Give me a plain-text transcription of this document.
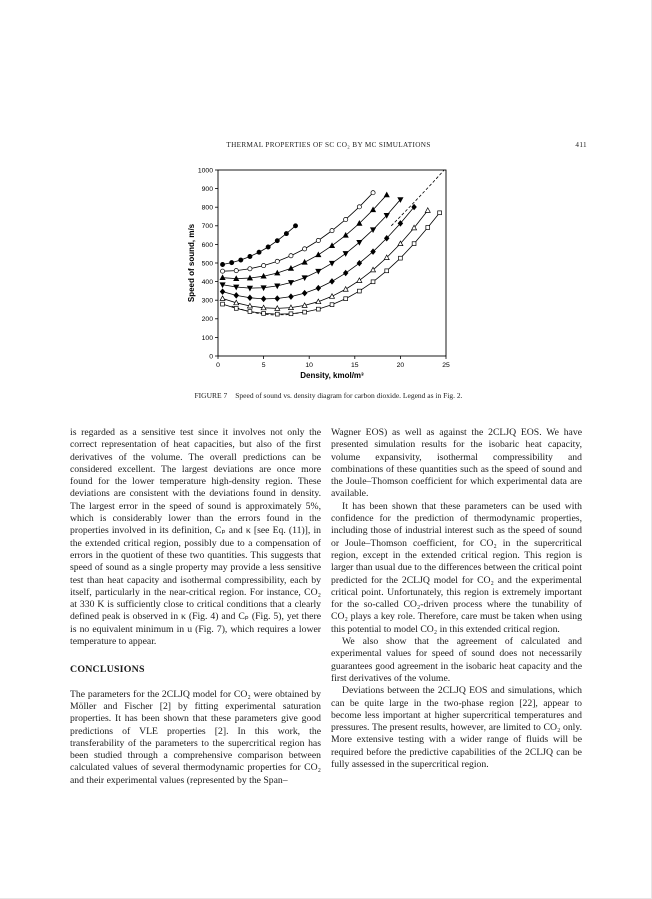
THERMAL PROPERTIES OF SC CO₂ BY MC SIMULATIONS	411
0
100
200
300
400
500
600
700
800
900
1000
0	5	10	15	20	25
Density, kmol/m³
Speed of sound, m/s
FIGURE 7 Speed of sound vs. density diagram for carbon dioxide. Legend as in Fig. 2.

is regarded as a sensitive test since it involves not only the correct representation of heat capacities, but also of the first derivatives of the volume. The overall predictions can be considered excellent. The largest deviations are once more found for the lower temperature high-density region. These deviations are consistent with the deviations found in density. The largest error in the speed of sound is approximately 5%, which is considerably lower than the errors found in the properties involved in its definition, Cₚ and κ [see Eq. (11)], in the extended critical region, possibly due to a compensation of errors in the quotient of these two quantities. This suggests that speed of sound as a single property may provide a less sensitive test than heat capacity and isothermal compressibility, each by itself, particularly in the near-critical region. For instance, CO₂ at 330 K is sufficiently close to critical conditions that a clearly defined peak is observed in κ (Fig. 4) and Cₚ (Fig. 5), yet there is no equivalent minimum in u (Fig. 7), which requires a lower temperature to appear.

CONCLUSIONS

The parameters for the 2CLJQ model for CO₂ were obtained by Möller and Fischer [2] by fitting experimental saturation properties. It has been shown that these parameters give good predictions of VLE properties [2]. In this work, the transferability of the parameters to the supercritical region has been studied through a comprehensive comparison between calculated values of several thermodynamic properties for CO₂ and their experimental values (represented by the Span–

Wagner EOS) as well as against the 2CLJQ EOS. We have presented simulation results for the isobaric heat capacity, volume expansivity, isothermal compressibility and combinations of these quantities such as the speed of sound and the Joule–Thomson coefficient for which experimental data are available.

It has been shown that these parameters can be used with confidence for the prediction of thermodynamic properties, including those of industrial interest such as the speed of sound or Joule–Thomson coefficient, for CO₂ in the supercritical region, except in the extended critical region. This region is larger than usual due to the differences between the critical point predicted for the 2CLJQ model for CO₂ and the experimental critical point. Unfortunately, this region is extremely important for the so-called CO₂-driven process where the tunability of CO₂ plays a key role. Therefore, care must be taken when using this potential to model CO₂ in this extended critical region.

We also show that the agreement of calculated and experimental values for speed of sound does not necessarily guarantees good agreement in the isobaric heat capacity and the first derivatives of the volume.

Deviations between the 2CLJQ EOS and simulations, which can be quite large in the two-phase region [22], appear to become less important at higher supercritical temperatures and pressures. The present results, however, are limited to CO₂ only. More extensive testing with a wider range of fluids will be required before the predictive capabilities of the 2CLJQ can be fully assessed in the supercritical region.
